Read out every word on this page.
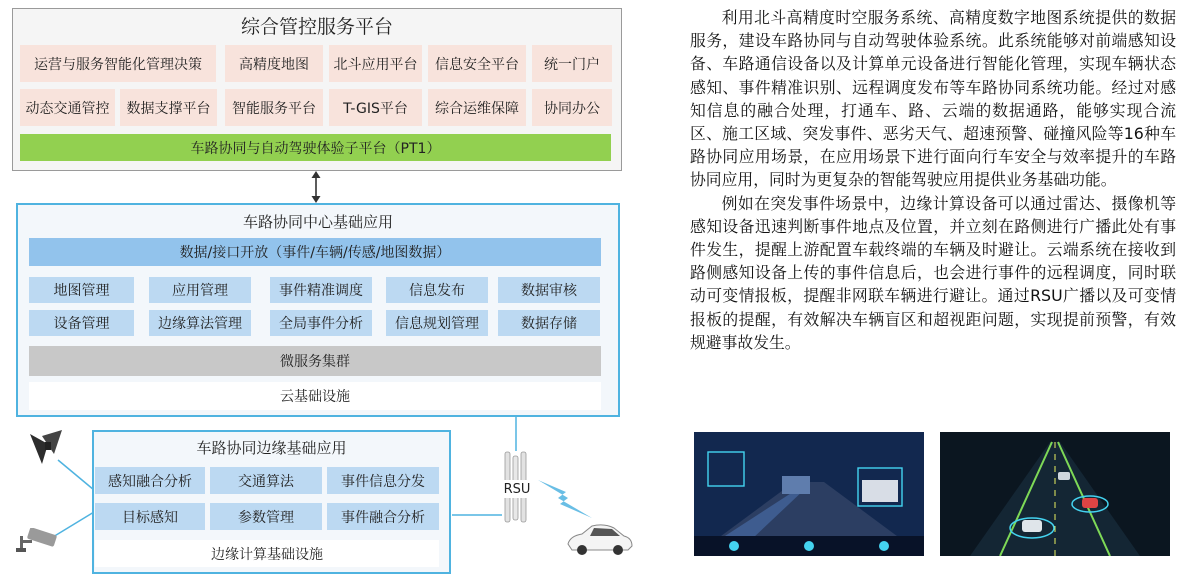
综合管控服务平台
运营与服务智能化管理决策	高精度地图	北斗应用平台	信息安全平台	统一门户
动态交通管控	数据支撑平台	智能服务平台	T-GIS平台	综合运维保障	协同办公
车路协同与自动驾驶体验子平台（PT1）
车路协同中心基础应用
数据/接口开放（事件/车辆/传感/地图数据）
地图管理	应用管理	事件精准调度	信息发布	数据审核
设备管理	边缘算法管理	全局事件分析	信息规划管理	数据存储
微服务集群
云基础设施
车路协同边缘基础应用
感知融合分析	交通算法	事件信息分发
目标感知	参数管理	事件融合分析
边缘计算基础设施
RSU

利用北斗高精度时空服务系统、高精度数字地图系统提供的数据服务，建设车路协同与自动驾驶体验系统。此系统能够对前端感知设备、车路通信设备以及计算单元设备进行智能化管理，实现车辆状态感知、事件精准识别、远程调度发布等车路协同系统功能。经过对感知信息的融合处理，打通车、路、云端的数据通路，能够实现合流区、施工区域、突发事件、恶劣天气、超速预警、碰撞风险等16种车路协同应用场景，在应用场景下进行面向行车安全与效率提升的车路协同应用，同时为更复杂的智能驾驶应用提供业务基础功能。

例如在突发事件场景中，边缘计算设备可以通过雷达、摄像机等感知设备迅速判断事件地点及位置，并立刻在路侧进行广播此处有事件发生，提醒上游配置车载终端的车辆及时避让。云端系统在接收到路侧感知设备上传的事件信息后，也会进行事件的远程调度，同时联动可变情报板，提醒非网联车辆进行避让。通过RSU广播以及可变情报板的提醒，有效解决车辆盲区和超视距问题，实现提前预警，有效规避事故发生。
